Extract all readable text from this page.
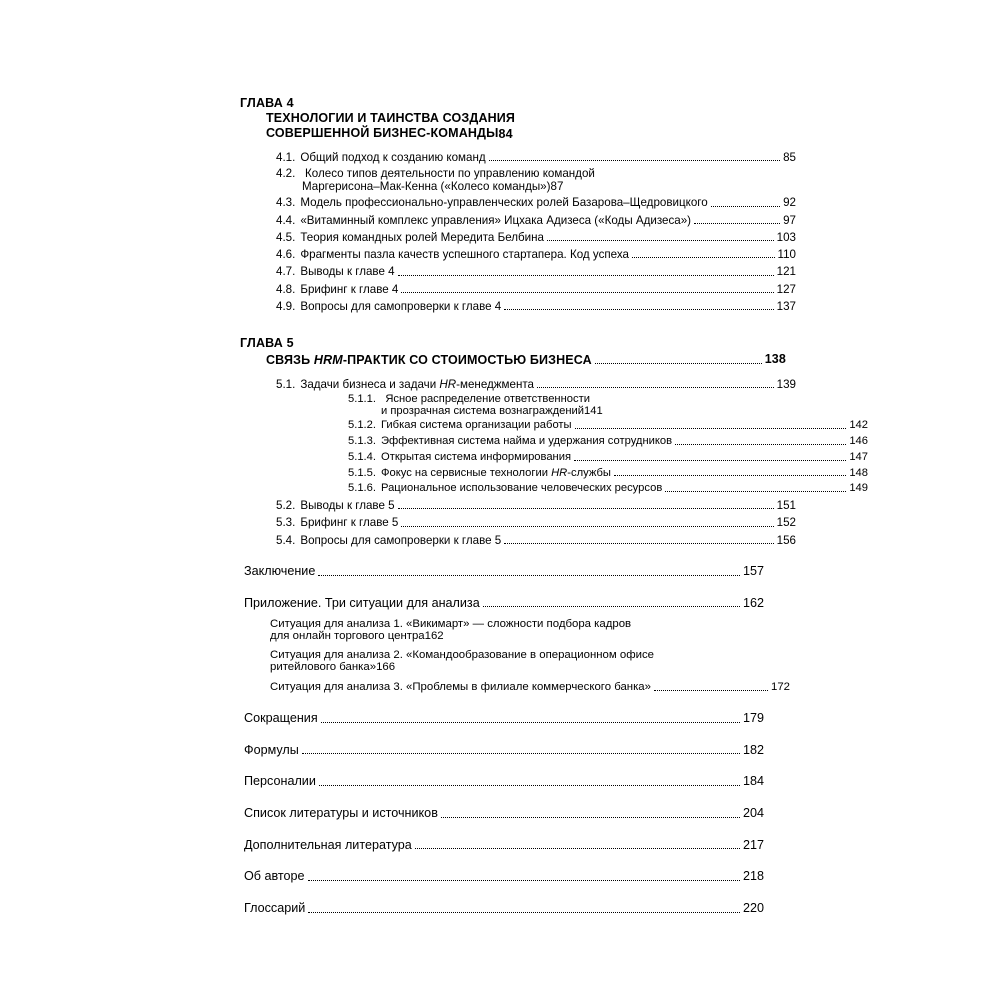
ГЛАВА 4
ТЕХНОЛОГИИ И ТАИНСТВА СОЗДАНИЯ
СОВЕРШЕННОЙ БИЗНЕС-КОМАНДЫ 84
4.1. Общий подход к созданию команд	85
4.2. Колесо типов деятельности по управлению командой
Маргерисона–Мак-Кенна («Колесо команды») 87
4.3. Модель профессионально-управленческих ролей Базарова–Щедровицкого	92
4.4. «Витаминный комплекс управления» Ицхака Адизеса («Коды Адизеса»)	97
4.5. Теория командных ролей Мередита Белбина	103
4.6. Фрагменты пазла качеств успешного стартапера. Код успеха	110
4.7. Выводы к главе 4	121
4.8. Брифинг к главе 4	127
4.9. Вопросы для самопроверки к главе 4	137
ГЛАВА 5
СВЯЗЬ HRM-ПРАКТИК СО СТОИМОСТЬЮ БИЗНЕСА	138
5.1. Задачи бизнеса и задачи HR-менеджмента	139
5.1.1. Ясное распределение ответственности
и прозрачная система вознаграждений 141
5.1.2. Гибкая система организации работы	142
5.1.3. Эффективная система найма и удержания сотрудников	146
5.1.4. Открытая система информирования	147
5.1.5. Фокус на сервисные технологии HR-службы	148
5.1.6. Рациональное использование человеческих ресурсов	149
5.2. Выводы к главе 5	151
5.3. Брифинг к главе 5	152
5.4. Вопросы для самопроверки к главе 5	156
Заключение	157
Приложение. Три ситуации для анализа	162
Ситуация для анализа 1. «Викимарт» — сложности подбора кадров
для онлайн торгового центра 162
Ситуация для анализа 2. «Командообразование в операционном офисе
ритейлового банка» 166
Ситуация для анализа 3. «Проблемы в филиале коммерческого банка»	172
Сокращения	179
Формулы	182
Персоналии	184
Список литературы и источников	204
Дополнительная литература	217
Об авторе	218
Глоссарий	220
